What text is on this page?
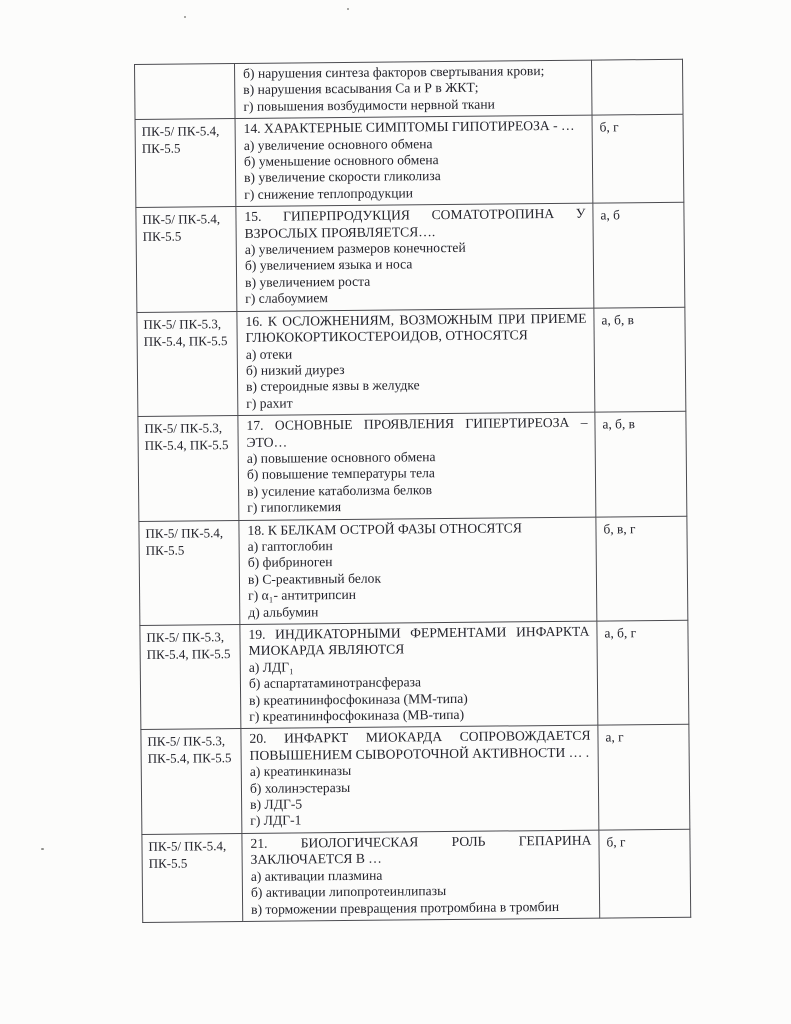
	б) нарушения синтеза факторов свертывания крови;
в) нарушения всасывания Са и Р в ЖКТ;
г) повышения возбудимости нервной ткани	

ПК-5/ ПК-5.4, ПК-5.5	14. ХАРАКТЕРНЫЕ СИМПТОМЫ ГИПОТИРЕОЗА - …
а) увеличение основного обмена
б) уменьшение основного обмена
в) увеличение скорости гликолиза
г) снижение теплопродукции	б, г
ПК-5/ ПК-5.4, ПК-5.5	15. ГИПЕРПРОДУКЦИЯ СОМАТОТРОПИНА У ВЗРОСЛЫХ ПРОЯВЛЯЕТСЯ….
а) увеличением размеров конечностей
б) увеличением языка и носа
в) увеличением роста
г) слабоумием	а, б
ПК-5/ ПК-5.3, ПК-5.4, ПК-5.5	16. К ОСЛОЖНЕНИЯМ, ВОЗМОЖНЫМ ПРИ ПРИЕМЕ ГЛЮКОКОРТИКОСТЕРОИДОВ, ОТНОСЯТСЯ
а) отеки
б) низкий диурез
в) стероидные язвы в желудке
г) рахит	а, б, в
ПК-5/ ПК-5.3, ПК-5.4, ПК-5.5	17. ОСНОВНЫЕ ПРОЯВЛЕНИЯ ГИПЕРТИРЕОЗА – ЭТО…
а) повышение основного обмена
б) повышение температуры тела
в) усиление катаболизма белков
г) гипогликемия	а, б, в
ПК-5/ ПК-5.4, ПК-5.5	
18. К БЕЛКАМ ОСТРОЙ ФАЗЫ ОТНОСЯТСЯ
а) гаптоглобин
б) фибриноген
в) С-реактивный белок
г) α₁- антитрипсин
д) альбумин
	б, в, г
ПК-5/ ПК-5.3, ПК-5.4, ПК-5.5	19. ИНДИКАТОРНЫМИ ФЕРМЕНТАМИ ИНФАРКТА МИОКАРДА ЯВЛЯЮТСЯ
а) ЛДГ₁
б) аспартатаминотрансфераза
в) креатининфосфокиназа (ММ-типа)
г) креатининфосфокиназа (МВ-типа)	а, б, г
ПК-5/ ПК-5.3, ПК-5.4, ПК-5.5	20. ИНФАРКТ МИОКАРДА СОПРОВОЖДАЕТСЯ ПОВЫШЕНИЕМ СЫВОРОТОЧНОЙ АКТИВНОСТИ … .
а) креатинкиназы
б) холинэстеразы
в) ЛДГ-5
г) ЛДГ-1	а, г
ПК-5/ ПК-5.4, ПК-5.5	21. БИОЛОГИЧЕСКАЯ РОЛЬ ГЕПАРИНА ЗАКЛЮЧАЕТСЯ В …
а) активации плазмина
б) активации липопротеинлипазы
в) торможении превращения протромбина в тромбин	б, г
